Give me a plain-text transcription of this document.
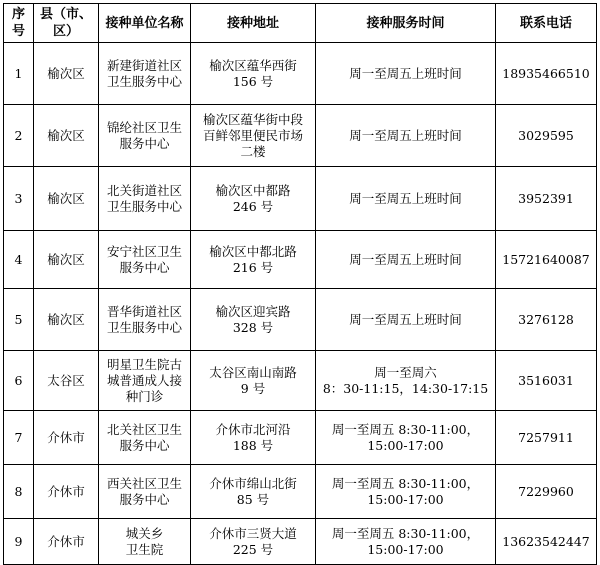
序号	县（市、区）	接种单位名称	接种地址	接种服务时间	联系电话
1	榆次区	新建街道社区卫生服务中心	榆次区蕴华西街
156 号	周一至周五上班时间	18935466510
2	榆次区	锦纶社区卫生服务中心	榆次区蕴华街中段
百鲜邻里便民市场
二楼	周一至周五上班时间	3029595
3	榆次区	北关街道社区卫生服务中心	榆次区中都路
246 号	周一至周五上班时间	3952391
4	榆次区	安宁社区卫生服务中心	榆次区中都北路
216 号	周一至周五上班时间	15721640087
5	榆次区	晋华街道社区卫生服务中心	榆次区迎宾路
328 号	周一至周五上班时间	3276128
6	太谷区	明星卫生院古城普通成人接种门诊	太谷区南山南路
9 号	周一至周六
8：30-11:15，14:30-17:15	3516031
7	介休市	北关社区卫生服务中心	介休市北河沿
188 号	周一至周五 8:30-11:00，
15:00-17:00	7257911
8	介休市	西关社区卫生服务中心	介休市绵山北街
85 号	周一至周五 8:30-11:00，
15:00-17:00	7229960
9	介休市	城关乡
卫生院	介休市三贤大道
225 号	周一至周五 8:30-11:00，
15:00-17:00	13623542447
